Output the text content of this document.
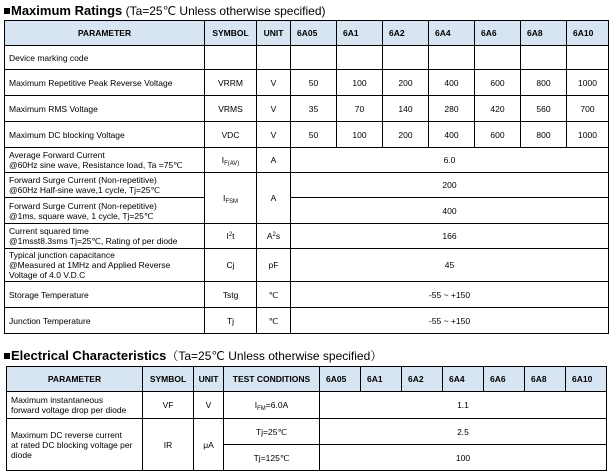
Maximum Ratings (Ta=25℃ Unless otherwise specified)
PARAMETER	SYMBOL	UNIT	6A05	6A1	6A2	6A4	6A6	6A8	6A10
Device marking code									
Maximum Repetitive Peak Reverse Voltage	VRRM	V	50	100	200	400	600	800	1000
Maximum RMS Voltage	VRMS	V	35	70	140	280	420	560	700
Maximum DC blocking Voltage	VDC	V	50	100	200	400	600	800	1000

Average Forward Current
@60Hz sine wave, Resistance load, Ta =75℃	$I_{F(AV)}$	A	6.0						

Forward Surge Current (Non-repetitive)
@60Hz Half-sine wave,1 cycle, Tj=25℃	$I_{FSM}$	A	200						

Forward Surge Current (Non-repetitive)
@1ms, square wave, 1 cycle, Tj=25℃			400						

Current squared time
@1msst8.3sms Tj=25℃, Rating of per diode	$I^2t$	$A^2s$	166						

Typical junction capacitance
@Measured at 1MHz and Applied Reverse
Voltage of 4.0 V.D.C	Cj	pF	45						
Storage Temperature	Tstg	℃	-55 ~ +150						
Junction Temperature	Tj	℃	-55 ~ +150						
Electrical Characteristics（Ta=25℃ Unless otherwise specified）
PARAMETER	SYMBOL	UNIT	TEST CONDITIONS	6A05	6A1	6A2	6A4	6A6	6A8	6A10

Maximum instantaneous
forward voltage drop per diode	VF	V	$I_{FM}=6.0A$	1.1						

Maximum DC reverse current
at rated DC blocking voltage per
diode	IR	μA	Tj=25℃	2.5						
			Tj=125℃	100						
